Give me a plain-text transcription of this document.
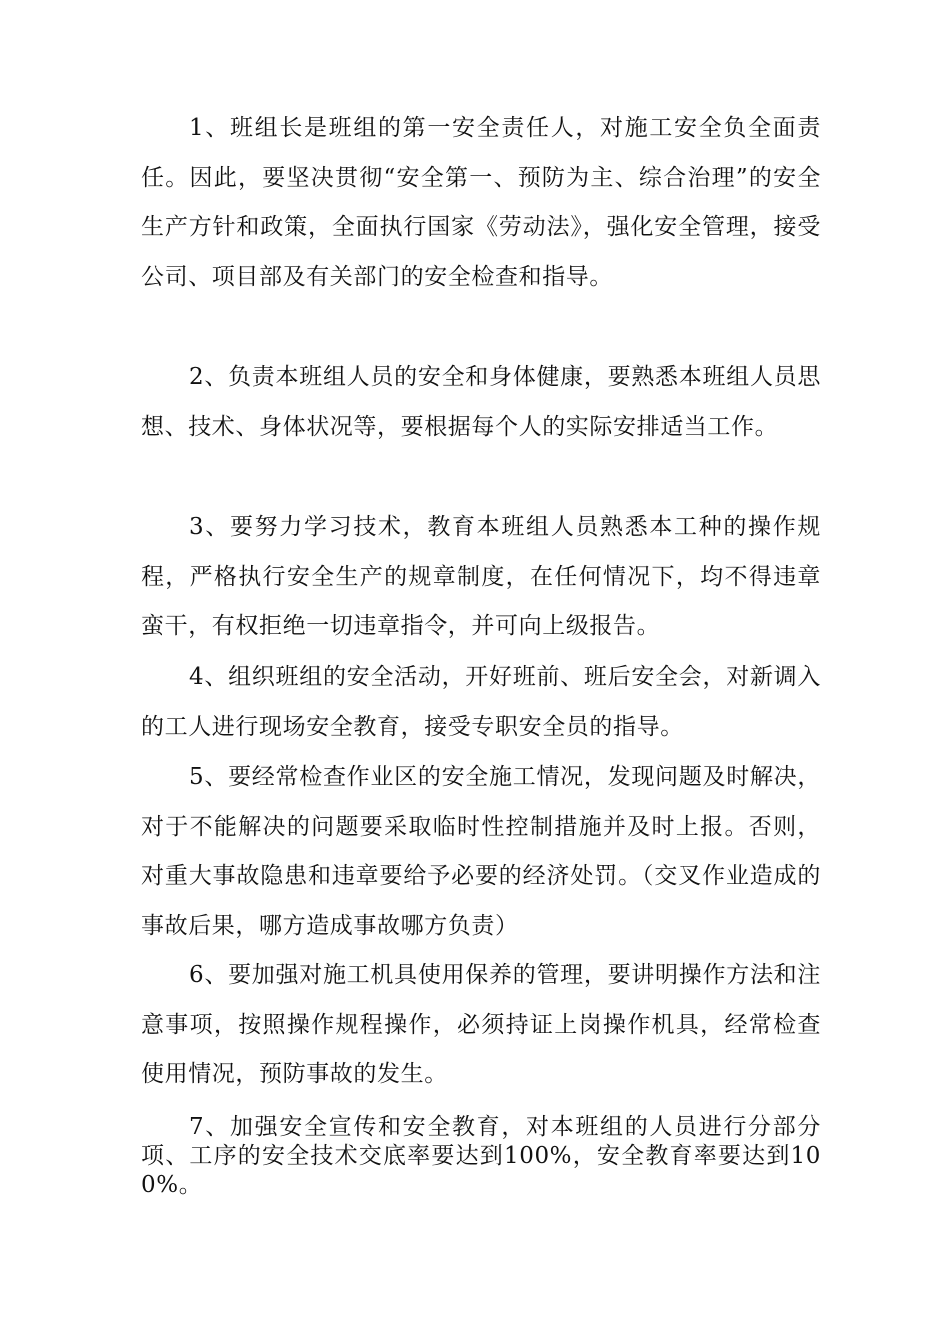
1、班组长是班组的第一安全责任人，对施工安全负全面责任。因此，要坚决贯彻“安全第一、预防为主、综合治理”的安全生产方针和政策，全面执行国家《劳动法》，强化安全管理，接受公司、项目部及有关部门的安全检查和指导。

2、负责本班组人员的安全和身体健康，要熟悉本班组人员思想、技术、身体状况等，要根据每个人的实际安排适当工作。

3、要努力学习技术，教育本班组人员熟悉本工种的操作规程，严格执行安全生产的规章制度，在任何情况下，均不得违章蛮干，有权拒绝一切违章指令，并可向上级报告。

4、组织班组的安全活动，开好班前、班后安全会，对新调入的工人进行现场安全教育，接受专职安全员的指导。

5、要经常检查作业区的安全施工情况，发现问题及时解决，对于不能解决的问题要采取临时性控制措施并及时上报。否则，对重大事故隐患和违章要给予必要的经济处罚。（交叉作业造成的事故后果，哪方造成事故哪方负责）

6、要加强对施工机具使用保养的管理，要讲明操作方法和注意事项，按照操作规程操作，必须持证上岗操作机具，经常检查使用情况，预防事故的发生。

7、加强安全宣传和安全教育，对本班组的人员进行分部分项、工序的安全技术交底率要达到100%，安全教育率要达到100%。
